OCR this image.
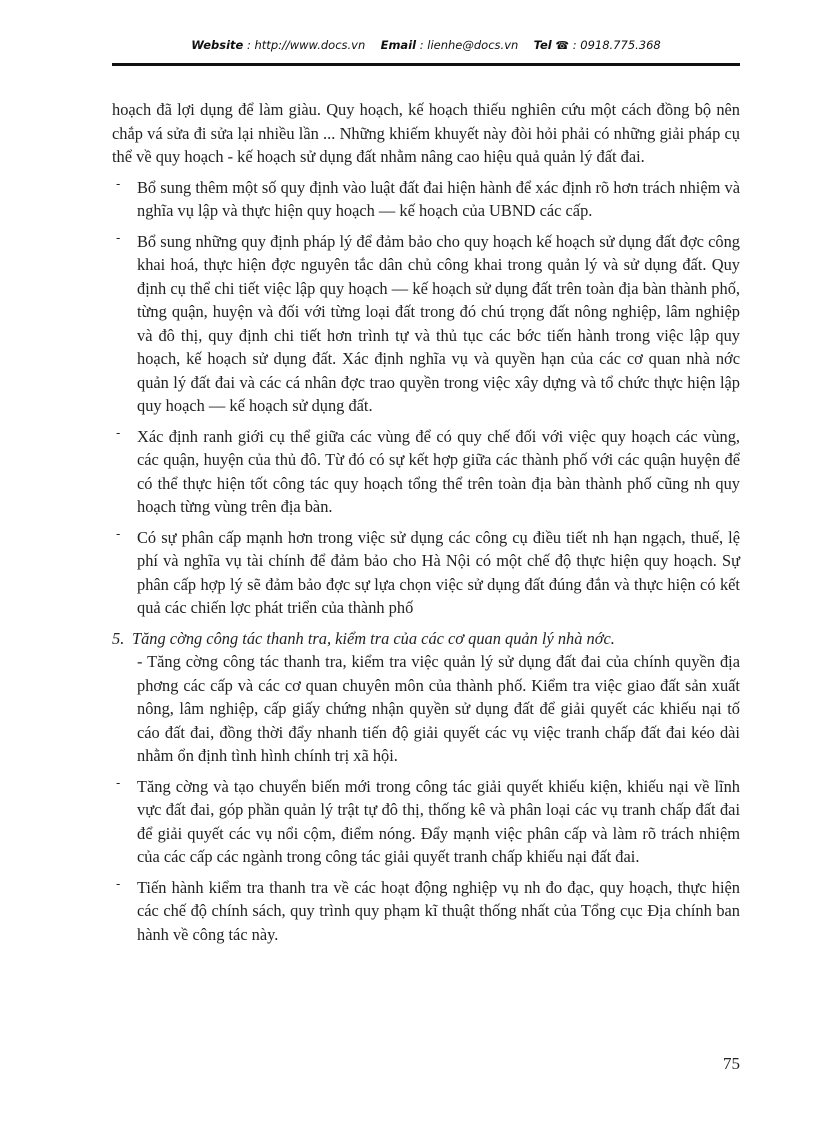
Website : http://www.docs.vn Email : lienhe@docs.vn Tel ☎ : 0918.775.368

hoạch đã lợi dụng để làm giàu. Quy hoạch, kế hoạch thiếu nghiên cứu một cách đồng bộ nên chắp vá sửa đi sửa lại nhiều lần ... Những khiếm khuyết này đòi hỏi phải có những giải pháp cụ thể về quy hoạch - kế hoạch sử dụng đất nhằm nâng cao hiệu quả quản lý đất đai.

- Bổ sung thêm một số quy định vào luật đất đai hiện hành để xác định rõ hơn trách nhiệm và nghĩa vụ lập và thực hiện quy hoạch — kế hoạch của UBND các cấp.
- Bổ sung những quy định pháp lý để đảm bảo cho quy hoạch kế hoạch sử dụng đất đợc công khai hoá, thực hiện đợc nguyên tắc dân chủ công khai trong quản lý và sử dụng đất. Quy định cụ thể chi tiết việc lập quy hoạch — kế hoạch sử dụng đất trên toàn địa bàn thành phố, từng quận, huyện và đối với từng loại đất trong đó chú trọng đất nông nghiệp, lâm nghiệp và đô thị, quy định chi tiết hơn trình tự và thủ tục các bớc tiến hành trong việc lập quy hoạch, kế hoạch sử dụng đất. Xác định nghĩa vụ và quyền hạn của các cơ quan nhà nớc quản lý đất đai và các cá nhân đợc trao quyền trong việc xây dựng và tổ chức thực hiện lập quy hoạch — kế hoạch sử dụng đất.
- Xác định ranh giới cụ thể giữa các vùng để có quy chế đối với việc quy hoạch các vùng, các quận, huyện của thủ đô. Từ đó có sự kết hợp giữa các thành phố với các quận huyện để có thể thực hiện tốt công tác quy hoạch tổng thể trên toàn địa bàn thành phố cũng nh quy hoạch từng vùng trên địa bàn.
- Có sự phân cấp mạnh hơn trong việc sử dụng các công cụ điều tiết nh hạn ngạch, thuế, lệ phí và nghĩa vụ tài chính để đảm bảo cho Hà Nội có một chế độ thực hiện quy hoạch. Sự phân cấp hợp lý sẽ đảm bảo đợc sự lựa chọn việc sử dụng đất đúng đắn và thực hiện có kết quả các chiến lợc phát triển của thành phố

5. Tăng cờng công tác thanh tra, kiểm tra của các cơ quan quản lý nhà nớc.

- Tăng cờng công tác thanh tra, kiểm tra việc quản lý sử dụng đất đai của chính quyền địa phơng các cấp và các cơ quan chuyên môn của thành phố. Kiểm tra việc giao đất sản xuất nông, lâm nghiệp, cấp giấy chứng nhận quyền sử dụng đất để giải quyết các khiếu nại tố cáo đất đai, đồng thời đẩy nhanh tiến độ giải quyết các vụ việc tranh chấp đất đai kéo dài nhằm ổn định tình hình chính trị xã hội.

- Tăng cờng và tạo chuyển biến mới trong công tác giải quyết khiếu kiện, khiếu nại về lĩnh vực đất đai, góp phần quản lý trật tự đô thị, thống kê và phân loại các vụ tranh chấp đất đai để giải quyết các vụ nổi cộm, điểm nóng. Đẩy mạnh việc phân cấp và làm rõ trách nhiệm của các cấp các ngành trong công tác giải quyết tranh chấp khiếu nại đất đai.
- Tiến hành kiểm tra thanh tra về các hoạt động nghiệp vụ nh đo đạc, quy hoạch, thực hiện các chế độ chính sách, quy trình quy phạm kĩ thuật thống nhất của Tổng cục Địa chính ban hành về công tác này.
75
